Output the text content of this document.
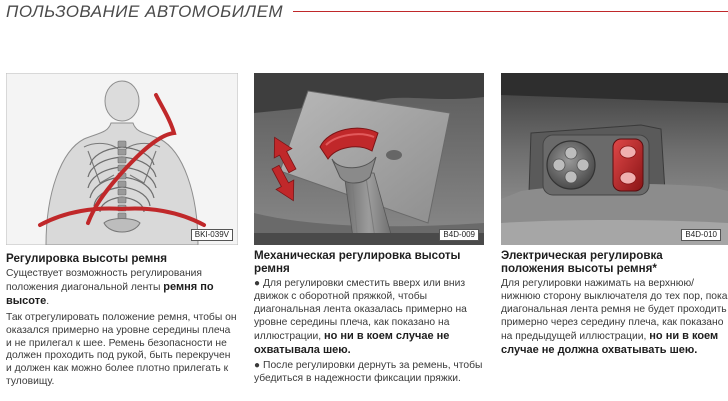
ПОЛЬЗОВАНИЕ АВТОМОБИЛЕМ
BKI-039V
Регулировка высоты ремня

Существует возможность регулирования положения диагональной ленты ремня по высоте.

Так отрегулировать положение ремня, чтобы он оказался примерно на уровне середины плеча и не прилегал к шее. Ремень безопасности не должен проходить под рукой, быть перекручен и должен как можно более плотно прилегать к туловищу.

B4D-009
Механическая регулировка высоты ремня

● Для регулировки сместить вверх или вниз движок с оборотной пряжкой, чтобы диагональная лента оказалась примерно на уровне середины плеча, как показано на иллюстрации, но ни в коем случае не охватывала шею.

● После регулировки дернуть за ремень, чтобы убедиться в надежности фиксации пряжки.

B4D-010
Электрическая регулировка положения высоты ремня*

Для регулировки нажимать на верхнюю/нижнюю сторону выключателя до тех пор, пока диагональная лента ремня не будет проходить примерно через середину плеча, как показано на предыдущей иллюстрации, но ни в коем случае не должна охватывать шею.
